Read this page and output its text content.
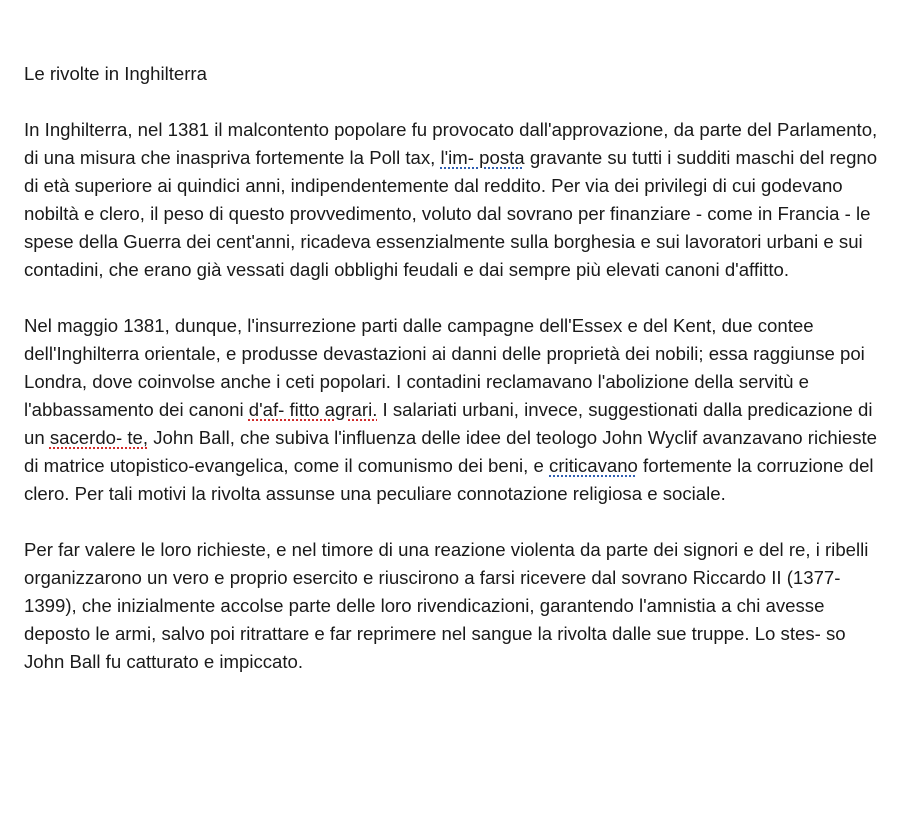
Le rivolte in Inghilterra

In Inghilterra, nel 1381 il malcontento popolare fu provocato dall'approvazione, da parte del Parlamento, di una misura che inaspriva fortemente la Poll tax, l'im- posta gravante su tutti i sudditi maschi del regno di età superiore ai quindici anni, indipendentemente dal reddito. Per via dei privilegi di cui godevano nobiltà e clero, il peso di questo provvedimento, voluto dal sovrano per finanziare - come in Francia - le spese della Guerra dei cent'anni, ricadeva essenzialmente sulla borghesia e sui lavoratori urbani e sui contadini, che erano già vessati dagli obblighi feudali e dai sempre più elevati canoni d'affitto.

Nel maggio 1381, dunque, l'insurrezione parti dalle campagne dell'Essex e del Kent, due contee dell'Inghilterra orientale, e produsse devastazioni ai danni delle proprietà dei nobili; essa raggiunse poi Londra, dove coinvolse anche i ceti popolari. I contadini reclamavano l'abolizione della servitù e l'abbassamento dei canoni d'af- fitto agrari. I salariati urbani, invece, suggestionati dalla predicazione di un sacerdo- te, John Ball, che subiva l'influenza delle idee del teologo John Wyclif avanzavano richieste di matrice utopistico-evangelica, come il comunismo dei beni, e criticavano fortemente la corruzione del clero. Per tali motivi la rivolta assunse una peculiare connotazione religiosa e sociale.

Per far valere le loro richieste, e nel timore di una reazione violenta da parte dei signori e del re, i ribelli organizzarono un vero e proprio esercito e riuscirono a farsi ricevere dal sovrano Riccardo II (1377-1399), che inizialmente accolse parte delle loro rivendicazioni, garantendo l'amnistia a chi avesse deposto le armi, salvo poi ritrattare e far reprimere nel sangue la rivolta dalle sue truppe. Lo stes- so John Ball fu catturato e impiccato.
